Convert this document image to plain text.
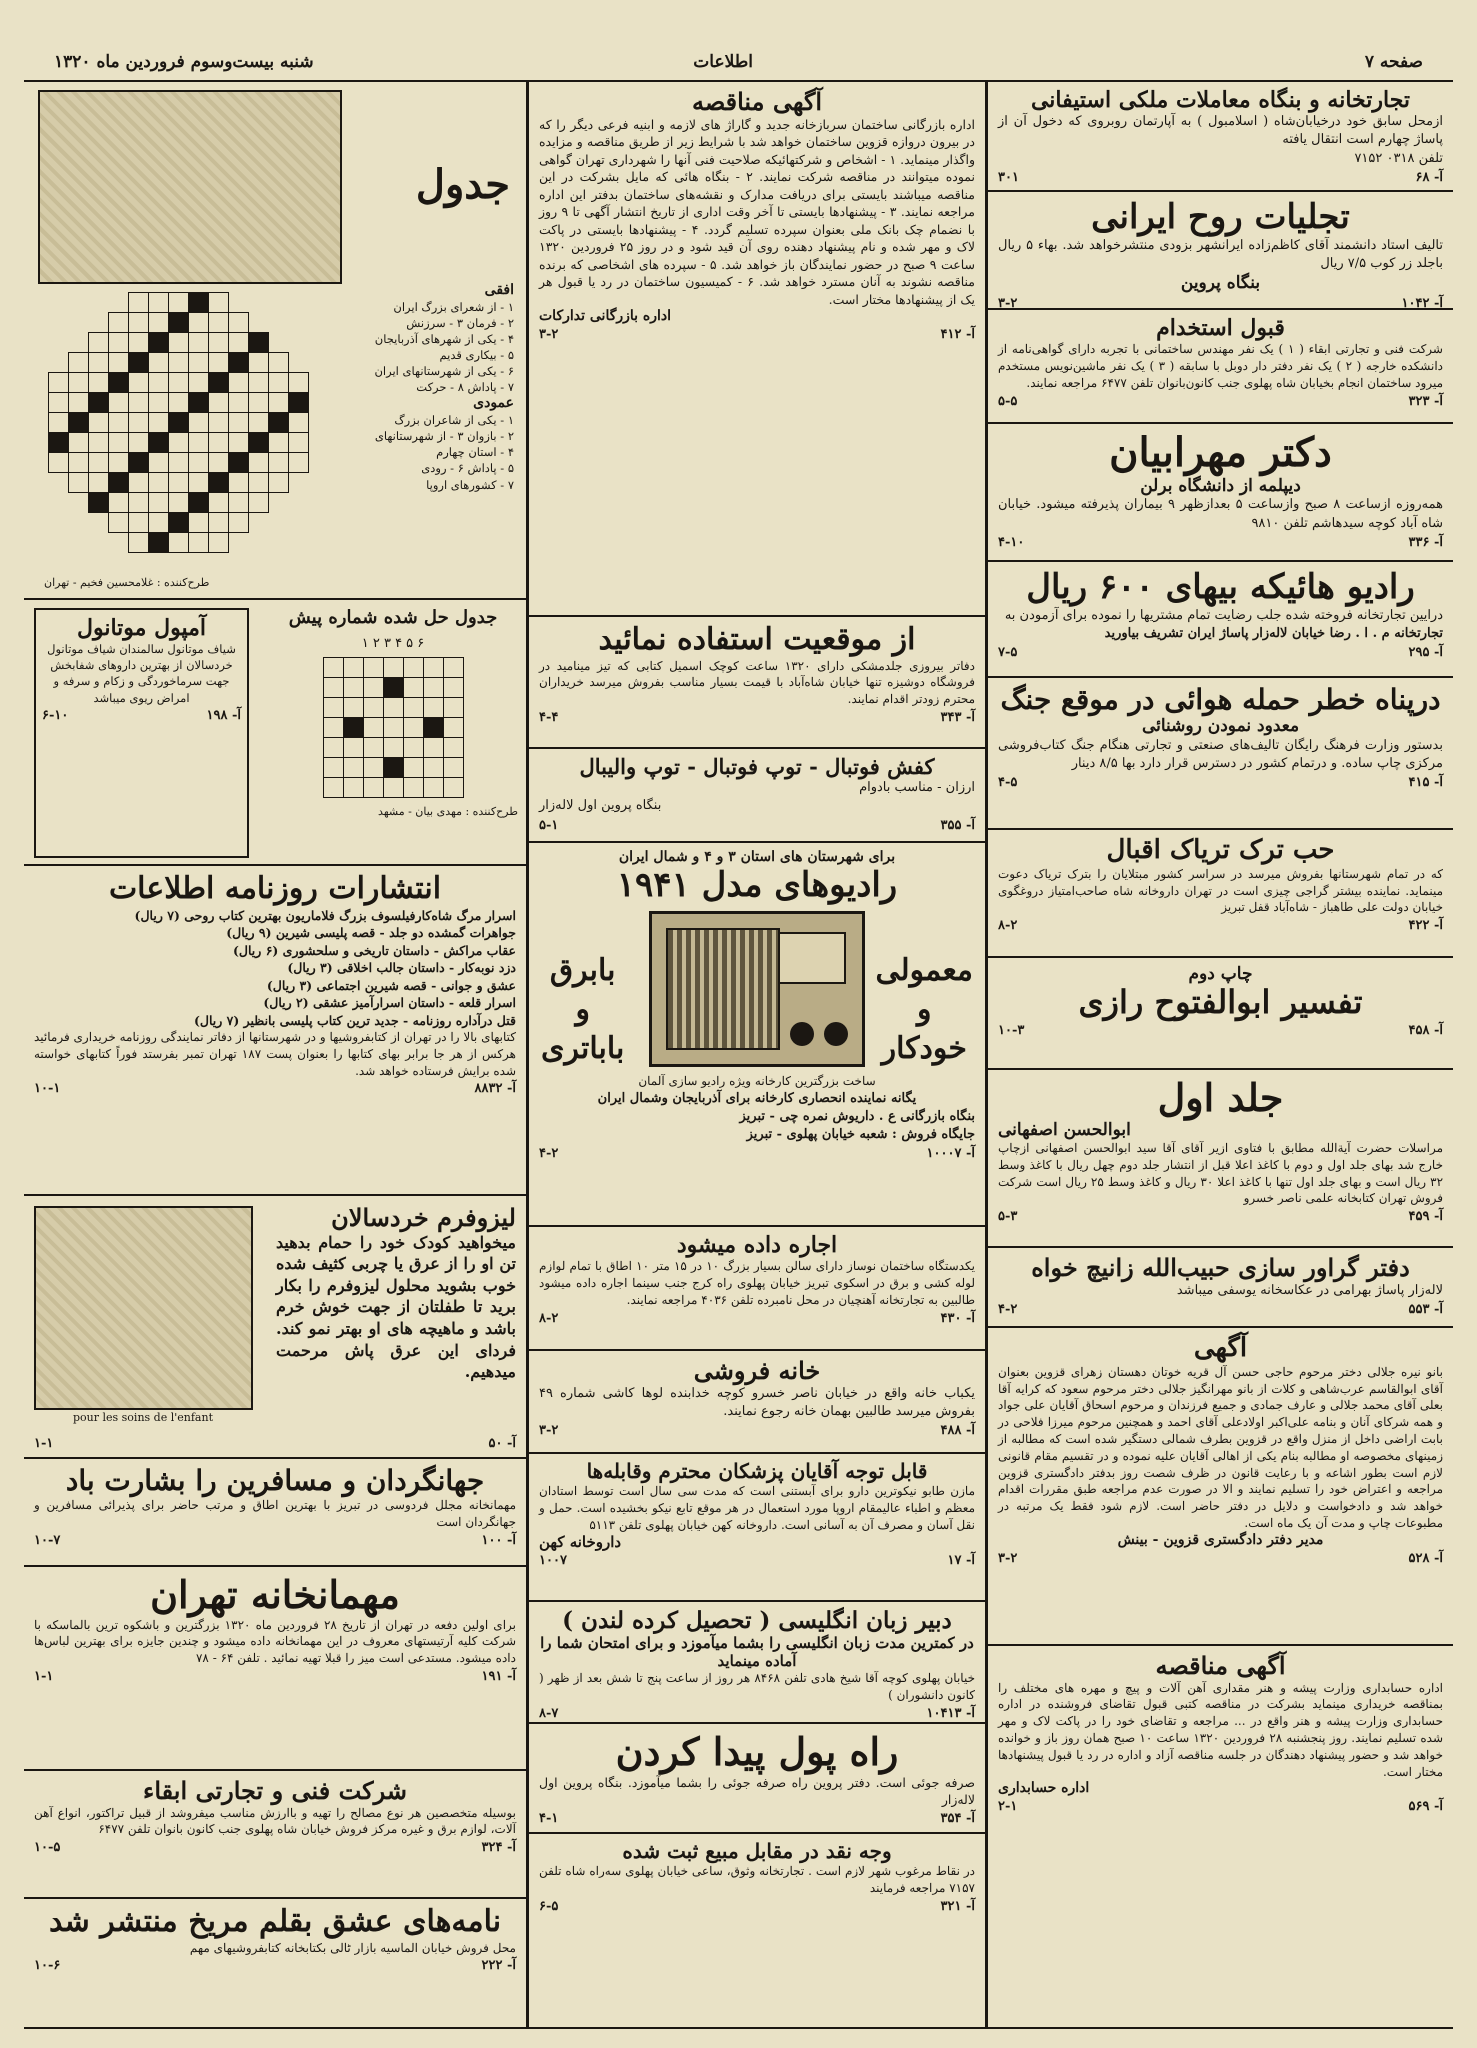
صفحه ۷
اطلاعات
شنبه بیست‌وسوم فروردین ماه ۱۳۲۰
تجارتخانه و بنگاه معاملات ملکی استیفانی
ازمحل سابق خود درخیابان‌شاه ( اسلامبول ) به آپارتمان روبروی که دخول آن از پاساژ چهارم است انتقال یافته
تلفن ۰۳۱۸ ۷۱۵۲
۳۰۱	آ- ۶۸
تجلیات روح ایرانی
تالیف استاد دانشمند آقای کاظم‌زاده ایرانشهر بزودی منتشرخواهد شد. بهاء ۵ ریال باجلد زر کوب ۷/۵ ریال
بنگاه پروین
۳-۲	آ- ۱۰۴۲
قبول استخدام
شرکت فنی و تجارتی ابقاء ( ۱ ) یک نفر مهندس ساختمانی با تجربه دارای گواهی‌نامه از دانشکده خارجه ( ۲ ) یک نفر دفتر دار دوبل با سابقه ( ۳ ) یک نفر ماشین‌نویس مستخدم میرود ساختمان انجام بخیابان شاه پهلوی جنب کانون‌بانوان تلفن ۶۴۷۷ مراجعه نمایند.
۵-۵	آ- ۳۲۳
دکتر مهرابیان
دیپلمه از دانشگاه برلن
همه‌روزه ازساعت ۸ صبح وازساعت ۵ بعدازظهر ۹ بیماران پذیرفته میشود. خیابان شاه آباد کوچه سیدهاشم تلفن ۹۸۱۰
۴-۱۰	آ- ۳۳۶
رادیو هائیکه بیهای ۶۰۰ ریال
درایین تجارتخانه فروخته شده جلب رضایت تمام مشتریها را نموده برای آزمودن به
تجارتخانه م . ا . رضا خیابان لاله‌زار پاساژ ایران تشریف بیاورید
۷-۵	آ- ۲۹۵
درپناه خطر حمله هوائی در موقع جنگ
معدود نمودن روشنائی
بدستور وزارت فرهنگ رایگان تالیف‌های صنعتی و تجارتی هنگام جنگ کتاب‌فروشی مرکزی چاپ ساده. و درتمام کشور در دسترس قرار دارد بها ۸/۵ دینار
۴-۵	آ- ۴۱۵
حب ترک تریاک اقبال
که در تمام شهرستانها بفروش میرسد در سراسر کشور مبتلایان را بترک تریاک دعوت مینماید. نماینده بیشتر گراجی چیزی است در تهران داروخانه شاه صاحب‌امتیاز دروغگوی خیابان دولت علی طاهباز - شاه‌آباد قفل تبریز
۸-۲	آ- ۴۲۲
چاپ دوم
تفسیر ابوالفتوح رازی
۱۰-۳	آ- ۴۵۸
جلد اول
ابوالحسن اصفهانی
مراسلات حضرت آیةالله مطابق با فتاوی ازیر آقای آقا سید ابوالحسن اصفهانی ازچاپ خارج شد بهای جلد اول و دوم با کاغذ اعلا قبل از انتشار جلد دوم چهل ریال با کاغذ وسط ۳۲ ریال است و بهای جلد اول تنها با کاغذ اعلا ۳۰ ریال و کاغذ وسط ۲۵ ریال است شرکت فروش تهران کتابخانه علمی ناصر خسرو
۵-۳	آ- ۴۵۹
دفتر گراور سازی حبیب‌الله زانیچ خواه
لاله‌زار پاساژ بهرامی در عکاسخانه یوسفی میباشد
۴-۲	آ- ۵۵۳
آگهی
بانو نیره جلالی دختر مرحوم حاجی حسن آل قریه خوتان دهستان زهرای قزوین بعنوان آقای ابوالقاسم عرب‌شاهی و کلات از بانو مهرانگیز جلالی دختر مرحوم سعود که کرایه آقا بعلی آقای محمد جلالی و عارف جمادی و جمیع فرزندان و مرحوم اسحاق آقایان علی جواد و همه شرکای آنان و بنامه علی‌اکبر اولادعلی آقای احمد و همچنین مرحوم میرزا فلاحی در بابت اراضی داخل از منزل واقع در قزوین بطرف شمالی دستگیر شده است که مطالبه از زمینهای مخصوصه او مطالبه بنام یکی از اهالی آقایان علیه نموده و در تقسیم مقام قانونی لازم است بطور اشاعه و با رعایت قانون در ظرف شصت روز بدفتر دادگستری قزوین مراجعه و اعتراض خود را تسلیم نمایند و الا در صورت عدم مراجعه طبق مقررات اقدام خواهد شد و دادخواست و دلایل در دفتر حاضر است. لازم شود فقط یک مرتبه در مطبوعات چاپ و مدت آن یک ماه است.
مدیر دفتر دادگستری قزوین - بینش
۳-۲	آ- ۵۲۸
آگهی مناقصه
اداره حسابداری وزارت پیشه و هنر مقداری آهن آلات و پیچ و مهره های مختلف را بمناقصه خریداری مینماید بشرکت در مناقصه کتبی قبول تقاضای فروشنده در اداره حسابداری وزارت پیشه و هنر واقع در ... مراجعه و تقاضای خود را در پاکت لاک و مهر شده تسلیم نمایند. روز پنجشنبه ۲۸ فروردین ۱۳۲۰ ساعت ۱۰ صبح همان روز باز و خوانده خواهد شد و حضور پیشنهاد دهندگان در جلسه مناقصه آزاد و اداره در رد یا قبول پیشنهادها مختار است.
اداره حسابداری
۲-۱	آ- ۵۶۹
آگهی مناقصه
اداره بازرگانی ساختمان سربازخانه جدید و گاراژ های لازمه و ابنیه فرعی دیگر را که در بیرون دروازه قزوین ساختمان خواهد شد با شرایط زیر از طریق مناقصه و مزایده واگذار مینماید. ۱ - اشخاص و شرکتهائیکه صلاحیت فنی آنها را شهرداری تهران گواهی نموده میتوانند در مناقصه شرکت نمایند. ۲ - بنگاه هائی که مایل بشرکت در این مناقصه میباشند بایستی برای دریافت مدارک و نقشه‌های ساختمان بدفتر این اداره مراجعه نمایند. ۳ - پیشنهادها بایستی تا آخر وقت اداری از تاریخ انتشار آگهی تا ۹ روز با نضمام چک بانک ملی بعنوان سپرده تسلیم گردد. ۴ - پیشنهادها بایستی در پاکت لاک و مهر شده و نام پیشنهاد دهنده روی آن قید شود و در روز ۲۵ فروردین ۱۳۲۰ ساعت ۹ صبح در حضور نمایندگان باز خواهد شد. ۵ - سپرده های اشخاصی که برنده مناقصه نشوند به آنان مسترد خواهد شد. ۶ - کمیسیون ساختمان در رد یا قبول هر یک از پیشنهادها مختار است.
اداره بازرگانی تدارکات
۳-۲	آ- ۴۱۲
از موقعیت استفاده نمائید
دفاتر بیروزی جلدمشکی دارای ۱۳۲۰ ساعت کوچک اسمیل کتابی که تیز مینامید در فروشگاه دوشیزه تنها خیابان شاه‌آباد با قیمت بسیار مناسب بفروش میرسد خریداران محترم زودتر اقدام نمایند.
۴-۴	آ- ۳۴۳
کفش فوتبال - توپ فوتبال - توپ والیبال
ارزان - مناسب بادوام
بنگاه پروین اول لاله‌زار
۵-۱	آ- ۳۵۵
برای شهرستان های استان ۳ و ۴ و شمال ایران
رادیوهای مدل ۱۹۴۱
معمولی
و
خودکار
بابرق
و
باباتری
ساخت بزرگترین کارخانه ویژه رادیو سازی آلمان
یگانه نماینده انحصاری کارخانه برای آذربایجان وشمال ایران
بنگاه بازرگانی ع . داریوش نمره چی - تبریز
جایگاه فروش : شعبه خیابان پهلوی - تبریز
۴-۲	آ- ۱۰۰۰۷
اجاره داده میشود
یکدستگاه ساختمان نوساز دارای سالن بسیار بزرگ ۱۰ در ۱۵ متر ۱۰ اطاق با تمام لوازم لوله کشی و برق در اسکوی تبریز خیابان پهلوی راه کرج جنب سینما اجاره داده میشود طالبین به تجارتخانه آهنچیان در محل نامبرده تلفن ۴۰۳۶ مراجعه نمایند.
۸-۲	آ- ۴۳۰
خانه فروشی
یکباب خانه واقع در خیابان ناصر خسرو کوچه خدابنده لوها کاشی شماره ۴۹ بفروش میرسد طالبین بهمان خانه رجوع نمایند.
۳-۲	آ- ۴۸۸
قابل توجه آقایان پزشکان محترم وقابله‌ها
مازن طابو نیکوترین دارو برای آبستنی است که مدت سی سال است توسط استادان معظم و اطباء عالیمقام اروپا مورد استعمال در هر موقع تابع نیکو بخشیده است. حمل و نقل آسان و مصرف آن به آسانی است. داروخانه کهن خیابان پهلوی تلفن ۵۱۱۳
داروخانه کهن
۱۰۰۷	آ- ۱۷
دبیر زبان انگلیسی ( تحصیل کرده لندن )
در کمترین مدت زبان انگلیسی را بشما میآموزد و برای امتحان شما را آماده مینماید
خیابان پهلوی کوچه آقا شیخ هادی تلفن ۸۴۶۸ هر روز از ساعت پنج تا شش بعد از ظهر ( کانون دانشوران )
۸-۷	آ- ۱۰۴۱۳
راه پول پیدا کردن
صرفه جوئی است. دفتر پروین راه صرفه جوئی را بشما میآموزد. بنگاه پروین اول لاله‌زار
۴-۱	آ- ۳۵۴
وجه نقد در مقابل مبیع ثبت شده
در نقاط مرغوب شهر لازم است . تجارتخانه وثوق، ساعی خیابان پهلوی سه‌راه شاه تلفن ۷۱۵۷ مراجعه فرمایند
۶-۵	آ- ۳۲۱
جدول
افقی
۱ - از شعرای بزرگ ایران
۲ - فرمان ۳ - سرزنش
۴ - یکی از شهرهای آذربایجان
۵ - بیکاری قدیم
۶ - یکی از شهرستانهای ایران
۷ - پاداش ۸ - حرکت
عمودی
۱ - یکی از شاعران بزرگ
۲ - بازوان ۳ - از شهرستانهای
۴ - استان چهارم
۵ - پاداش ۶ - رودی
۷ - کشورهای اروپا

طرح‌کننده : غلامحسین فخیم - تهران
آمپول موتانول
شیاف موتانول سالمندان شیاف موتانول خردسالان از بهترین داروهای شفابخش جهت سرماخوردگی و زکام و سرفه و امراض ریوی میباشد
۶-۱۰	آ- ۱۹۸
جدول حل شده شماره پیش
۱ ۲ ۳ ۴ ۵ ۶

طرح‌کننده : مهدی بیان - مشهد
انتشارات روزنامه اطلاعات
اسرار مرگ شاه‌کارفیلسوف بزرگ فلاماریون بهترین کتاب روحی (۷ ریال)
جواهرات گمشده دو جلد - قصه پلیسی شیرین (۹ ریال)
عقاب مراکش - داستان تاریخی و سلحشوری (۶ ریال)
دزد نوبه‌کار - داستان جالب اخلاقی (۳ ریال)
عشق و جوانی - قصه شیرین اجتماعی (۳ ریال)
اسرار قلعه - داستان اسرارآمیز عشقی (۲ ریال)
قتل درآداره روزنامه - جدید ترین کتاب پلیسی بانظیر (۷ ریال)
کتابهای بالا را در تهران از کتابفروشیها و در شهرستانها از دفاتر نمایندگی روزنامه خریداری فرمائید هرکس از هر جا برابر بهای کتابها را بعنوان پست ۱۸۷ تهران تمبر بفرستد فوراً کتابهای خواسته شده برایش فرستاده خواهد شد.
۱۰-۱	آ- ۸۸۳۲
pour les soins de l'enfant
لیزوفرم خردسالان
میخواهید کودک خود را حمام بدهید تن او را از عرق یا چربی کثیف شده خوب بشوید محلول لیزوفرم را بکار برید تا طفلتان از جهت خوش خرم باشد و ماهیچه های او بهتر نمو کند. فردای این عرق پاش مرحمت میدهیم.
۱-۱	آ- ۵۰
جهانگردان و مسافرین را بشارت باد
مهمانخانه مجلل فردوسی در تبریز با بهترین اطاق و مرتب حاضر برای پذیرائی مسافرین و جهانگردان است
۱۰-۷	آ- ۱۰۰
مهمانخانه تهران
برای اولین دفعه در تهران از تاریخ ۲۸ فروردین ماه ۱۳۲۰ بزرگترین و باشکوه ترین بالماسکه با شرکت کلیه آرتیستهای معروف در این مهمانخانه داده میشود و چندین جایزه برای بهترین لباس‌ها داده میشود. مستدعی است میز را قبلا تهیه نمائید . تلفن ۶۴ - ۷۸
۱-۱	آ- ۱۹۱
شرکت فنی و تجارتی ابقاء
بوسیله متخصصین هر نوع مصالح را تهیه و باارزش مناسب میفروشد از قبیل تراکتور، انواع آهن آلات، لوازم برق و غیره مرکز فروش خیابان شاه پهلوی جنب کانون بانوان تلفن ۶۴۷۷
۱۰-۵	آ- ۳۲۴
نامه‌های عشق بقلم مریخ منتشر شد
محل فروش خیابان الماسیه بازار ٹالی بکتابخانه کتابفروشیهای مهم
۱۰-۶	آ- ۲۲۲
